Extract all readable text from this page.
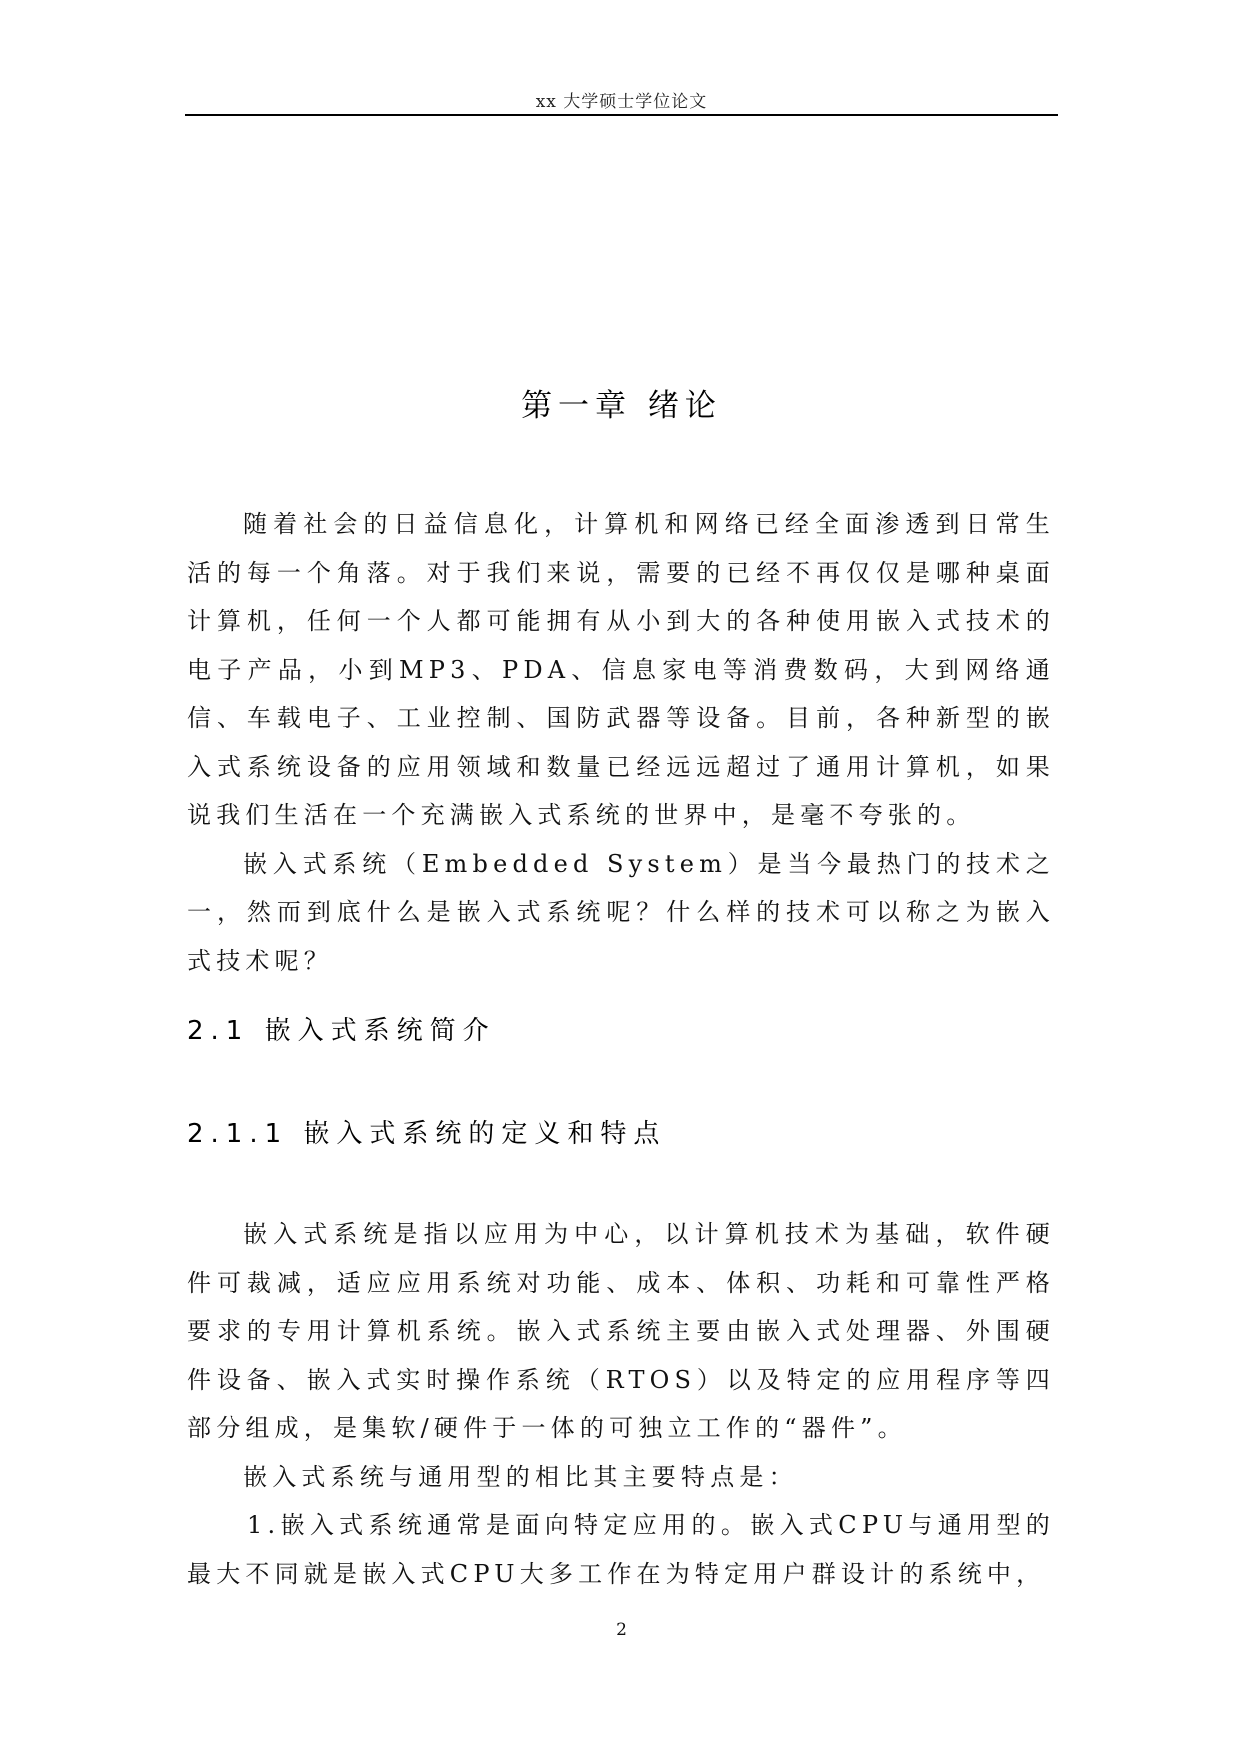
xx 大学硕士学位论文
第一章 绪论

随着社会的日益信息化，计算机和网络已经全面渗透到日常生活的每一个角落。对于我们来说，需要的已经不再仅仅是哪种桌面计算机，任何一个人都可能拥有从小到大的各种使用嵌入式技术的电子产品，小到MP3、PDA、信息家电等消费数码，大到网络通信、车载电子、工业控制、国防武器等设备。目前，各种新型的嵌入式系统设备的应用领域和数量已经远远超过了通用计算机，如果说我们生活在一个充满嵌入式系统的世界中，是毫不夸张的。

嵌入式系统（Embedded System）是当今最热门的技术之一，然而到底什么是嵌入式系统呢？什么样的技术可以称之为嵌入式技术呢？

2.1 嵌入式系统简介
2.1.1 嵌入式系统的定义和特点

嵌入式系统是指以应用为中心，以计算机技术为基础，软件硬件可裁减，适应应用系统对功能、成本、体积、功耗和可靠性严格要求的专用计算机系统。嵌入式系统主要由嵌入式处理器、外围硬件设备、嵌入式实时操作系统（RTOS）以及特定的应用程序等四部分组成，是集软/硬件于一体的可独立工作的“器件”。

嵌入式系统与通用型的相比其主要特点是：

1.嵌入式系统通常是面向特定应用的。嵌入式CPU与通用型的最大不同就是嵌入式CPU大多工作在为特定用户群设计的系统中，

2
